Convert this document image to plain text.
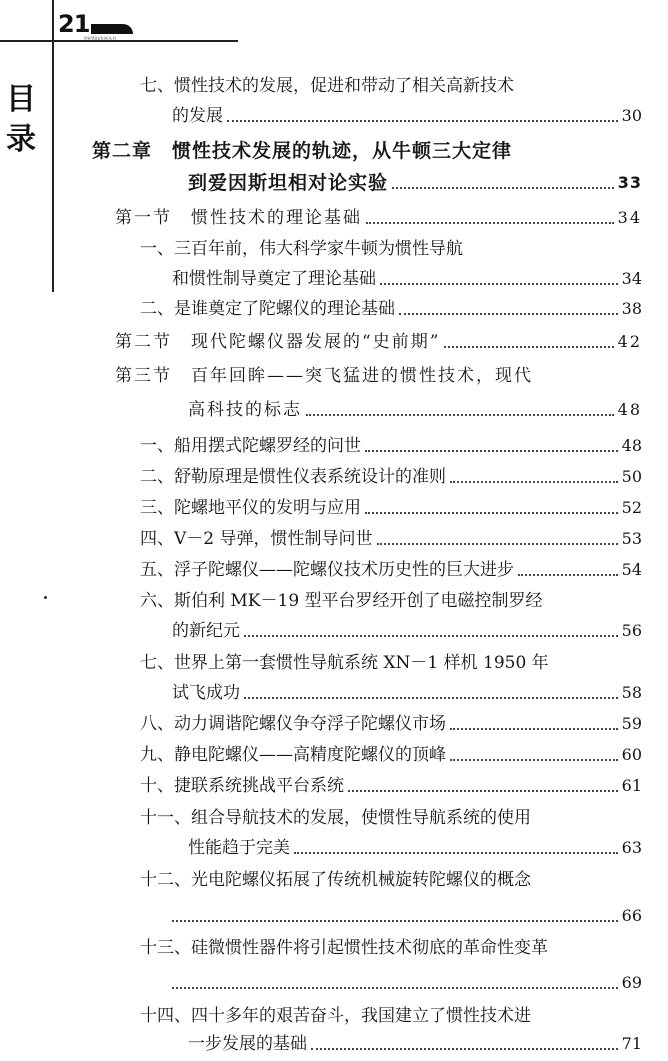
21
世纪科技发展丛书
目
录
七、惯性技术的发展，促进和带动了相关高新技术
的发展	30
第二章　惯性技术发展的轨迹，从牛顿三大定律
到爱因斯坦相对论实验	33
第一节　惯性技术的理论基础	34
一、三百年前，伟大科学家牛顿为惯性导航
和惯性制导奠定了理论基础	34
二、是谁奠定了陀螺仪的理论基础	38
第二节　现代陀螺仪器发展的“史前期”	42
第三节　百年回眸——突飞猛进的惯性技术，现代
高科技的标志	48
一、船用摆式陀螺罗经的问世	48
二、舒勒原理是惯性仪表系统设计的准则	50
三、陀螺地平仪的发明与应用	52
四、V－2 导弹，惯性制导问世	53
五、浮子陀螺仪——陀螺仪技术历史性的巨大进步	54
六、斯伯利 MK－19 型平台罗经开创了电磁控制罗经
的新纪元	56
七、世界上第一套惯性导航系统 XN－1 样机 1950 年
试飞成功	58
八、动力调谐陀螺仪争夺浮子陀螺仪市场	59
九、静电陀螺仪——高精度陀螺仪的顶峰	60
十、捷联系统挑战平台系统	61
十一、组合导航技术的发展，使惯性导航系统的使用
性能趋于完美	63
十二、光电陀螺仪拓展了传统机械旋转陀螺仪的概念
66
十三、硅微惯性器件将引起惯性技术彻底的革命性变革
69
十四、四十多年的艰苦奋斗，我国建立了惯性技术进
一步发展的基础	71
